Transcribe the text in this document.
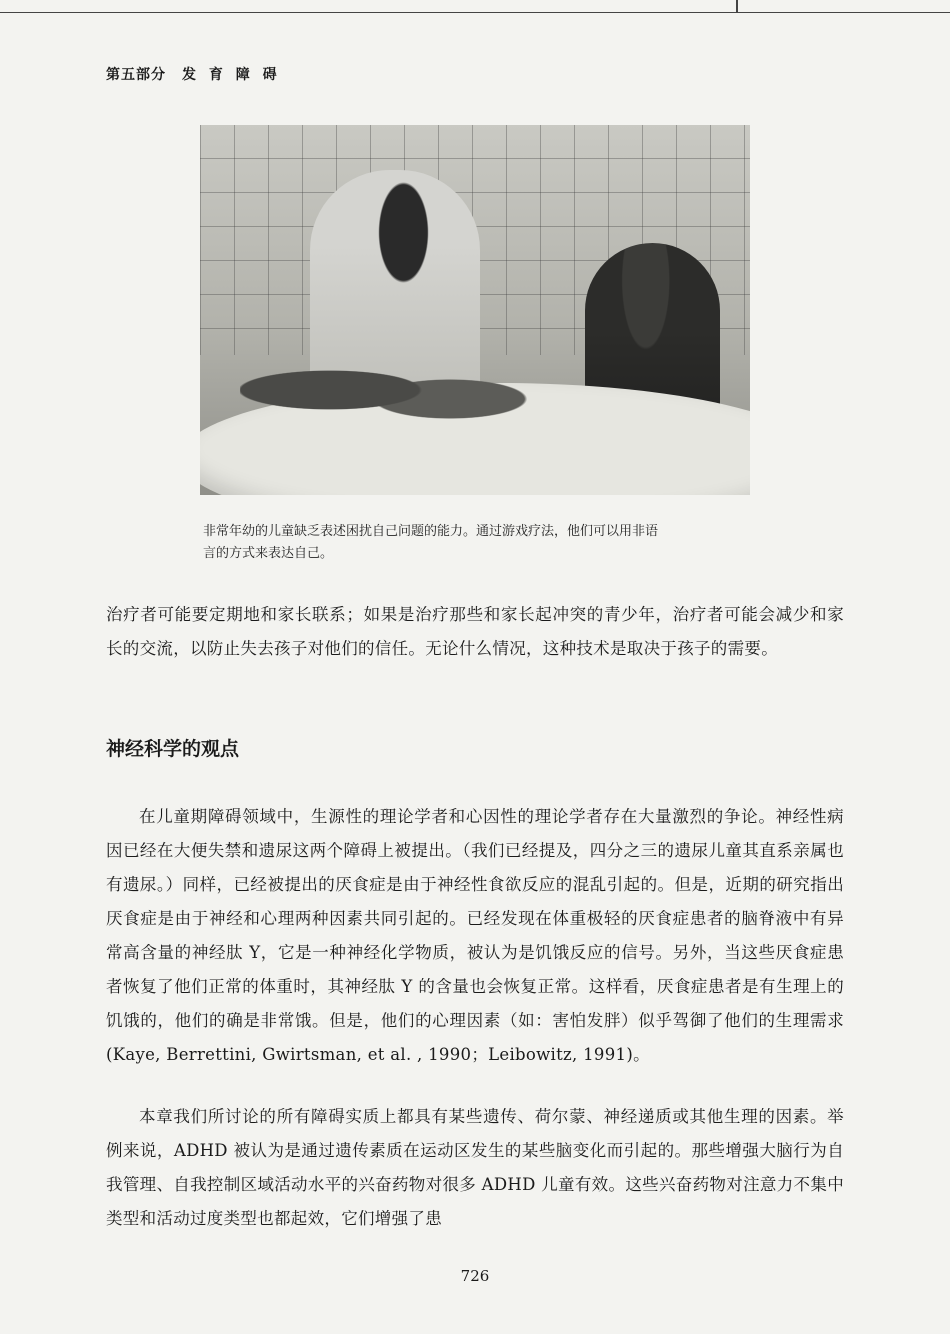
第五部分 发 育 障 碍

非常年幼的儿童缺乏表述困扰自己问题的能力。通过游戏疗法，他们可以用非语

言的方式来表达自己。

治疗者可能要定期地和家长联系；如果是治疗那些和家长起冲突的青少年，治疗者可能会减少和家长的交流，以防止失去孩子对他们的信任。无论什么情况，这种技术是取决于孩子的需要。

神经科学的观点

在儿童期障碍领域中，生源性的理论学者和心因性的理论学者存在大量激烈的争论。神经性病因已经在大便失禁和遗尿这两个障碍上被提出。（我们已经提及，四分之三的遗尿儿童其直系亲属也有遗尿。）同样，已经被提出的厌食症是由于神经性食欲反应的混乱引起的。但是，近期的研究指出厌食症是由于神经和心理两种因素共同引起的。已经发现在体重极轻的厌食症患者的脑脊液中有异常高含量的神经肽 Y，它是一种神经化学物质，被认为是饥饿反应的信号。另外，当这些厌食症患者恢复了他们正常的体重时，其神经肽 Y 的含量也会恢复正常。这样看，厌食症患者是有生理上的饥饿的，他们的确是非常饿。但是，他们的心理因素（如：害怕发胖）似乎驾御了他们的生理需求(Kaye, Berrettini, Gwirtsman, et al. , 1990；Leibowitz, 1991)。

本章我们所讨论的所有障碍实质上都具有某些遗传、荷尔蒙、神经递质或其他生理的因素。举例来说，ADHD 被认为是通过遗传素质在运动区发生的某些脑变化而引起的。那些增强大脑行为自我管理、自我控制区域活动水平的兴奋药物对很多 ADHD 儿童有效。这些兴奋药物对注意力不集中类型和活动过度类型也都起效，它们增强了患

726
